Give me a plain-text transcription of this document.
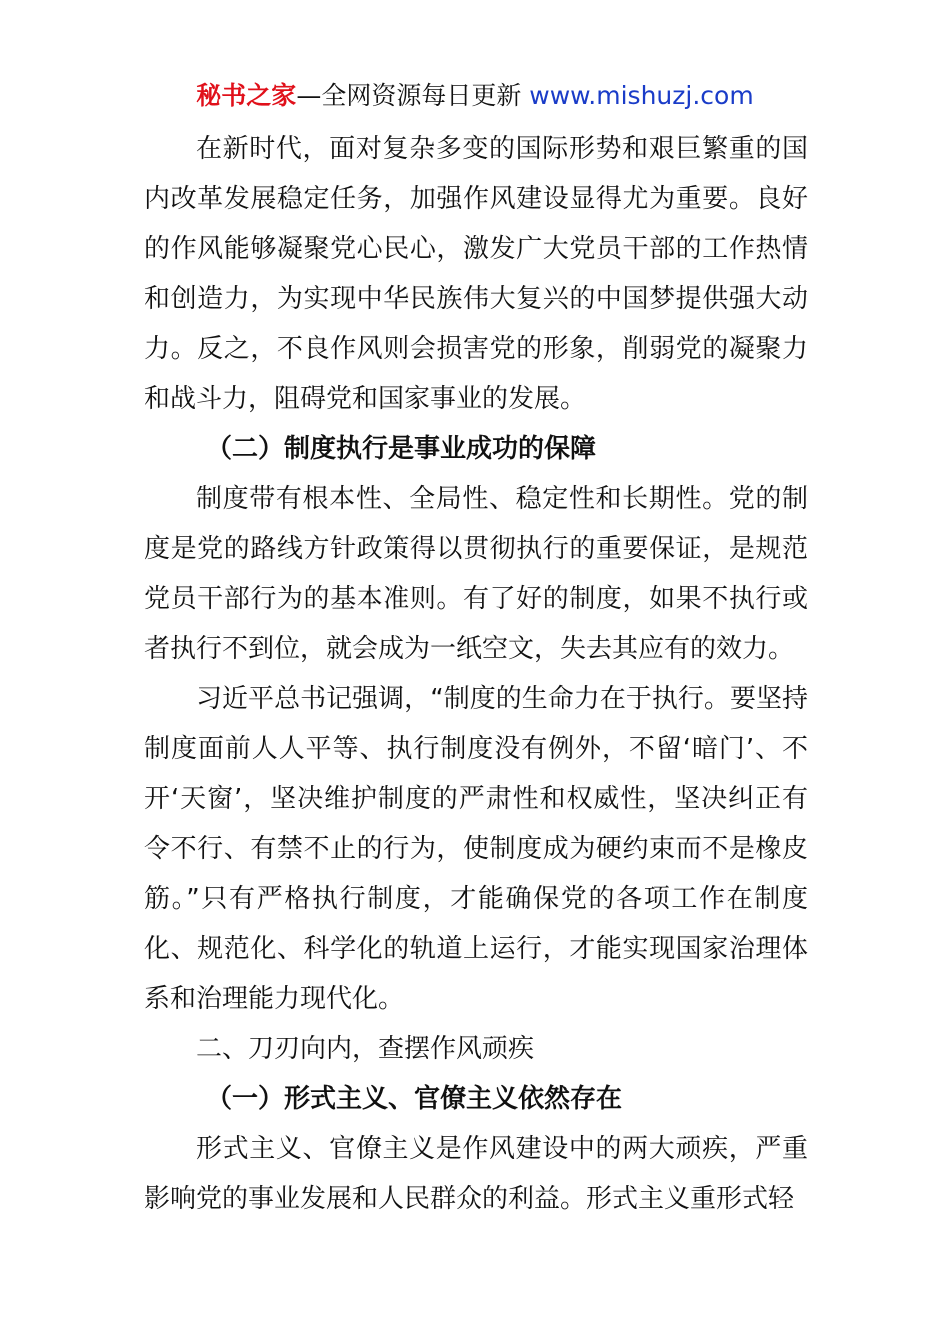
秘书之家—全网资源每日更新 www.mishuzj.com

在新时代，面对复杂多变的国际形势和艰巨繁重的国内改革发展稳定任务，加强作风建设显得尤为重要。良好的作风能够凝聚党心民心，激发广大党员干部的工作热情和创造力，为实现中华民族伟大复兴的中国梦提供强大动力。反之，不良作风则会损害党的形象，削弱党的凝聚力和战斗力，阻碍党和国家事业的发展。

（二）制度执行是事业成功的保障

制度带有根本性、全局性、稳定性和长期性。党的制度是党的路线方针政策得以贯彻执行的重要保证，是规范党员干部行为的基本准则。有了好的制度，如果不执行或者执行不到位，就会成为一纸空文，失去其应有的效力。

习近平总书记强调，“制度的生命力在于执行。要坚持制度面前人人平等、执行制度没有例外，不留‘暗门’、不开‘天窗’，坚决维护制度的严肃性和权威性，坚决纠正有令不行、有禁不止的行为，使制度成为硬约束而不是橡皮筋。”只有严格执行制度，才能确保党的各项工作在制度化、规范化、科学化的轨道上运行，才能实现国家治理体系和治理能力现代化。

二、刀刃向内，查摆作风顽疾

（一）形式主义、官僚主义依然存在

形式主义、官僚主义是作风建设中的两大顽疾，严重影响党的事业发展和人民群众的利益。形式主义重形式轻
